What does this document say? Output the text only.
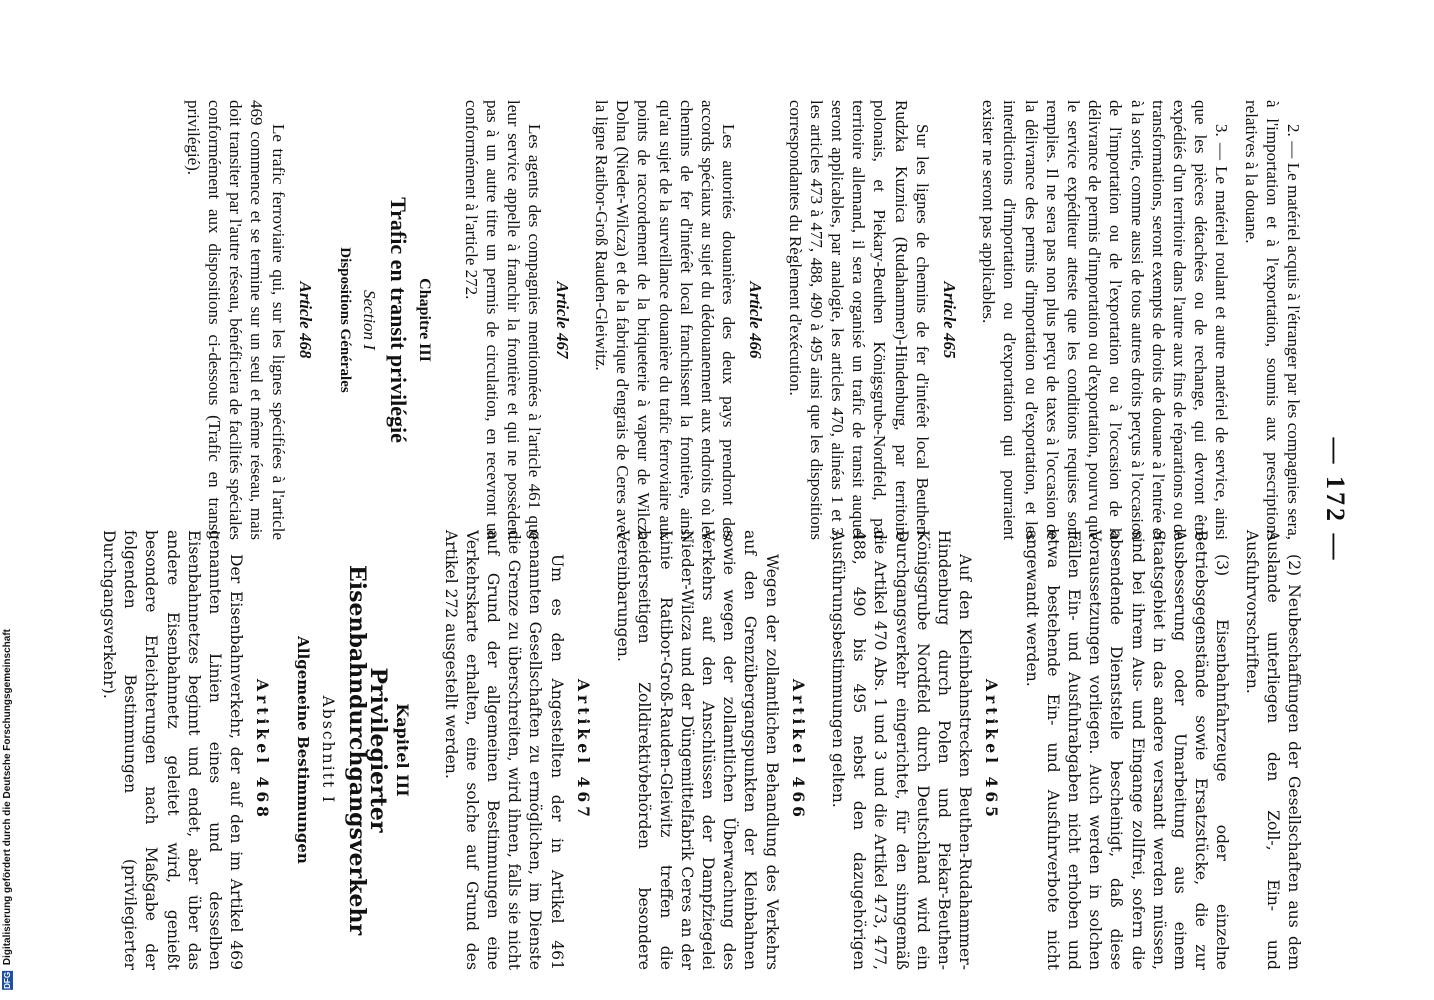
— 172 —

2. — Le matériel acquis à l'étranger par les compagnies sera, à l'importation et à l'exportation, soumis aux prescriptions relatives à la douane.

3. — Le matériel roulant et autre matériel de service, ainsi que les pièces détachées ou de rechange, qui devront être expédiés d'un territoire dans l'autre aux fins de réparations ou de transformations, seront exempts de droits de douane à l'entrée et à la sortie, comme aussi de tous autres droits perçus à l'occasion de l'importation ou de l'exportation ou à l'occasion de la délivrance de permis d'importation ou d'exportation, pourvu que le service expéditeur atteste que les conditions requises sont remplies. Il ne sera pas non plus perçu de taxes à l'occasion de la délivrance des permis d'importation ou d'exportation, et les interdictions d'importation ou d'exportation qui pourraient exister ne seront pas applicables.

Article 465

Sur les lignes de chemins de fer d'intérêt local Beuthen-Rudzka Kuznica (Rudahammer)-Hindenburg, par territoire polonais, et Piekary-Beuthen Königsgrube-Nordfeld, par territoire allemand, il sera organisé un trafic de transit auquel seront applicables, par analogie, les articles 470, alinéas 1 et 3, les articles 473 à 477, 488, 490 à 495 ainsi que les dispositions correspondantes du Règlement d'exécution.

Article 466

Les autorités douanières des deux pays prendront des accords spéciaux au sujet du dédouanement aux endroits où les chemins de fer d'intérêt local franchissent la frontière, ainsi qu'au sujet de la surveillance douanière du trafic ferroviaire aux points de raccordement de la briqueterie à vapeur de Wilcza Dolna (Nieder-Wilcza) et de la fabrique d'engrais de Ceres avec la ligne Ratibor-Groß Rauden-Gleiwitz.

Article 467

Les agents des compagnies mentionnées à l'article 461 que leur service appelle à franchir la frontière et qui ne possèdent pas à un autre titre un permis de circulation, en recevront un conformément à l'article 272.

Chapitre III
Trafic en transit privilégié
Section I
Dispositions Générales
Article 468

Le trafic ferroviaire qui, sur les lignes spécifiées à l'article 469 commence et se termine sur un seul et même réseau, mais doit transiter par l'autre réseau, bénéficiera de facilités spéciales conformément aux dispositions ci-dessous (Trafic en transit privilégié).

(2) Neubeschaffungen der Gesellschaften aus dem Auslande unterliegen den Zoll-, Ein- und Ausfuhrvorschriften.

(3) Eisenbahnfahrzeuge oder einzelne Betriebsgegenstände sowie Ersatzstücke, die zur Ausbesserung oder Umarbeitung aus einem Staatsgebiet in das andere versandt werden müssen, sind bei ihrem Aus- und Eingange zollfrei, sofern die absendende Dienststelle bescheinigt, daß diese Voraussetzungen vorliegen. Auch werden in solchen Fällen Ein- und Ausfuhrabgaben nicht erhoben und etwa bestehende Ein- und Ausfuhrverbote nicht angewandt werden.

Artikel 465

Auf den Kleinbahnstrecken Beuthen-Rudahammer-Hindenburg durch Polen und Piekar-Beuthen-Königsgrube Nordfeld durch Deutschland wird ein Durchgangsverkehr eingerichtet, für den sinngemäß die Artikel 470 Abs. 1 und 3 und die Artikel 473, 477, 488, 490 bis 495 nebst den dazugehörigen Ausführungsbestimmungen gelten.

Artikel 466

Wegen der zollamtlichen Behandlung des Verkehrs auf den Grenzübergangspunkten der Kleinbahnen sowie wegen der zollamtlichen Überwachung des Verkehrs auf den Anschlüssen der Dampfziegelei Nieder-Wilcza und der Düngemittelfabrik Ceres an der Linie Ratibor-Groß-Rauden-Gleiwitz treffen die beiderseitigen Zolldirektivbehörden besondere Vereinbarungen.

Artikel 467

Um es den Angestellten der in Artikel 461 genannten Gesellschaften zu ermöglichen, im Dienste die Grenze zu überschreiten, wird ihnen, falls sie nicht auf Grund der allgemeinen Bestimmungen eine Verkehrskarte erhalten, eine solche auf Grund des Artikel 272 ausgestellt werden.

Kapitel III
Privilegierter Eisenbahndurchgangsverkehr
Abschnitt I
Allgemeine Bestimmungen
Artikel 468

Der Eisenbahnverkehr, der auf den im Artikel 469 genannten Linien eines und desselben Eisenbahnnetzes beginnt und endet, aber über das andere Eisenbahnnetz geleitet wird, genießt besondere Erleichterungen nach Maßgabe der folgenden Bestimmungen (privilegierter Durchgangsverkehr).

DFG Digitalisierung gefördert durch die Deutsche Forschungsgemeinschaft
